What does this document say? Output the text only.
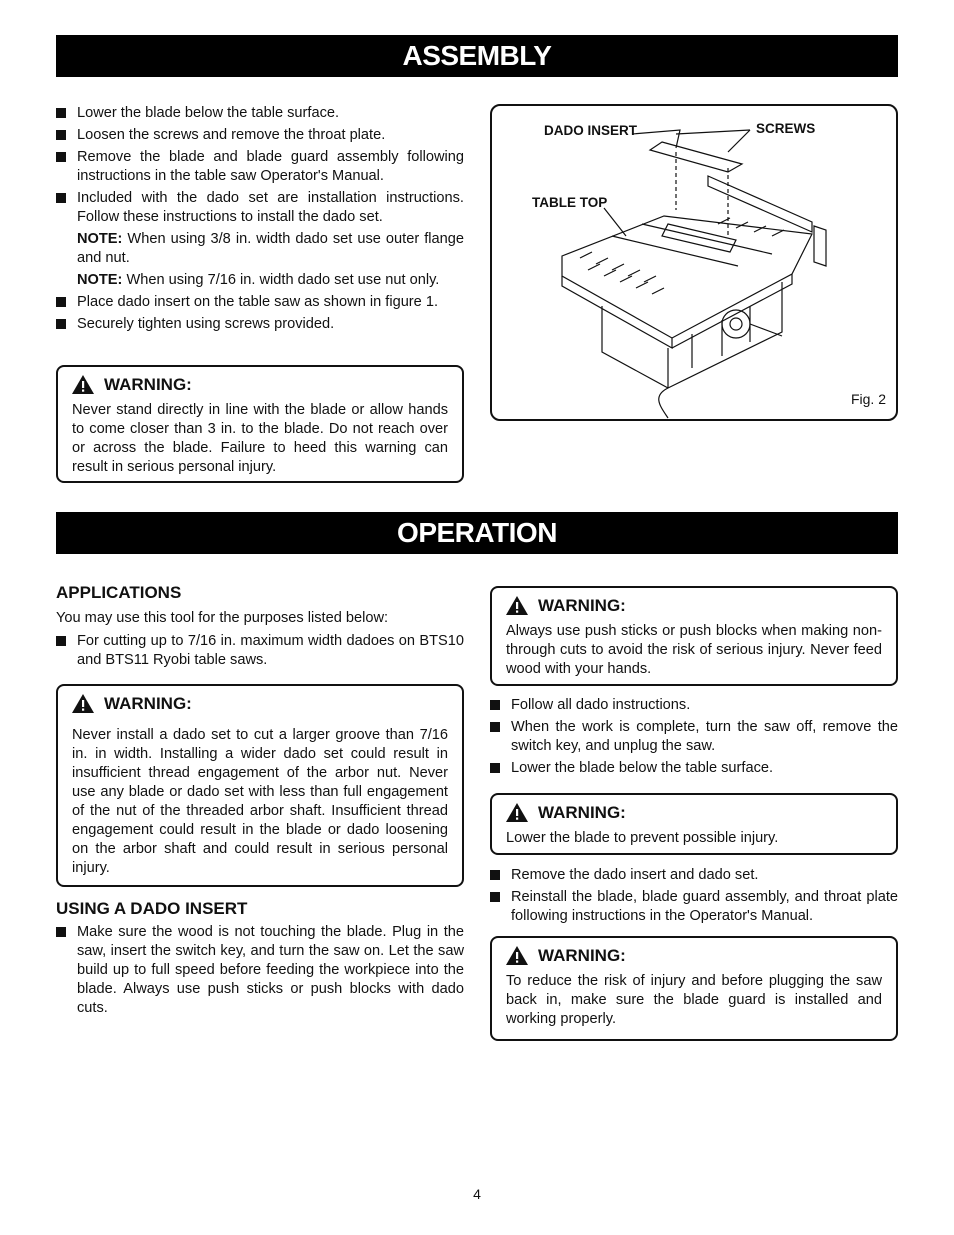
ASSEMBLY
Lower the blade below the table surface.
Loosen the screws and remove the throat plate.
Remove the blade and blade guard assembly following instructions in the table saw Operator's Manual.
Included with the dado set are installation instructions. Follow these instructions to install the dado set.
NOTE: When using 3/8 in. width dado set use outer flange and nut.
NOTE: When using 7/16 in. width dado set use nut only.
Place dado insert on the table saw as shown in figure 1.
Securely tighten using screws provided.
WARNING:

Never stand directly in line with the blade or allow hands to come closer than 3 in. to the blade. Do not reach over or across the blade. Failure to heed this warning can result in serious personal injury.

DADO INSERT	SCREWS
TABLE TOP
Fig. 2
OPERATION
APPLICATIONS
You may use this tool for the purposes listed below:
For cutting up to 7/16 in. maximum width dadoes on BTS10 and BTS11 Ryobi table saws.
WARNING:

Never install a dado set to cut a larger groove than 7/16 in. in width. Installing a wider dado set could result in insufficient thread engagement of the arbor nut. Never use any blade or dado set with less than full engagement of the nut of the threaded arbor shaft. Insufficient thread engagement could result in the blade or dado loosening on the arbor shaft and could result in serious personal injury.

USING A DADO INSERT
Make sure the wood is not touching the blade. Plug in the saw, insert the switch key, and turn the saw on. Let the saw build up to full speed before feeding the workpiece into the blade. Always use push sticks or push blocks with dado cuts.
WARNING:

Always use push sticks or push blocks when making non-through cuts to avoid the risk of serious injury. Never feed wood with your hands.

Follow all dado instructions.
When the work is complete, turn the saw off, remove the switch key, and unplug the saw.
Lower the blade below the table surface.
WARNING:

Lower the blade to prevent possible injury.

Remove the dado insert and dado set.
Reinstall the blade, blade guard assembly, and throat plate following instructions in the Operator's Manual.
WARNING:

To reduce the risk of injury and before plugging the saw back in, make sure the blade guard is installed and working properly.

4
